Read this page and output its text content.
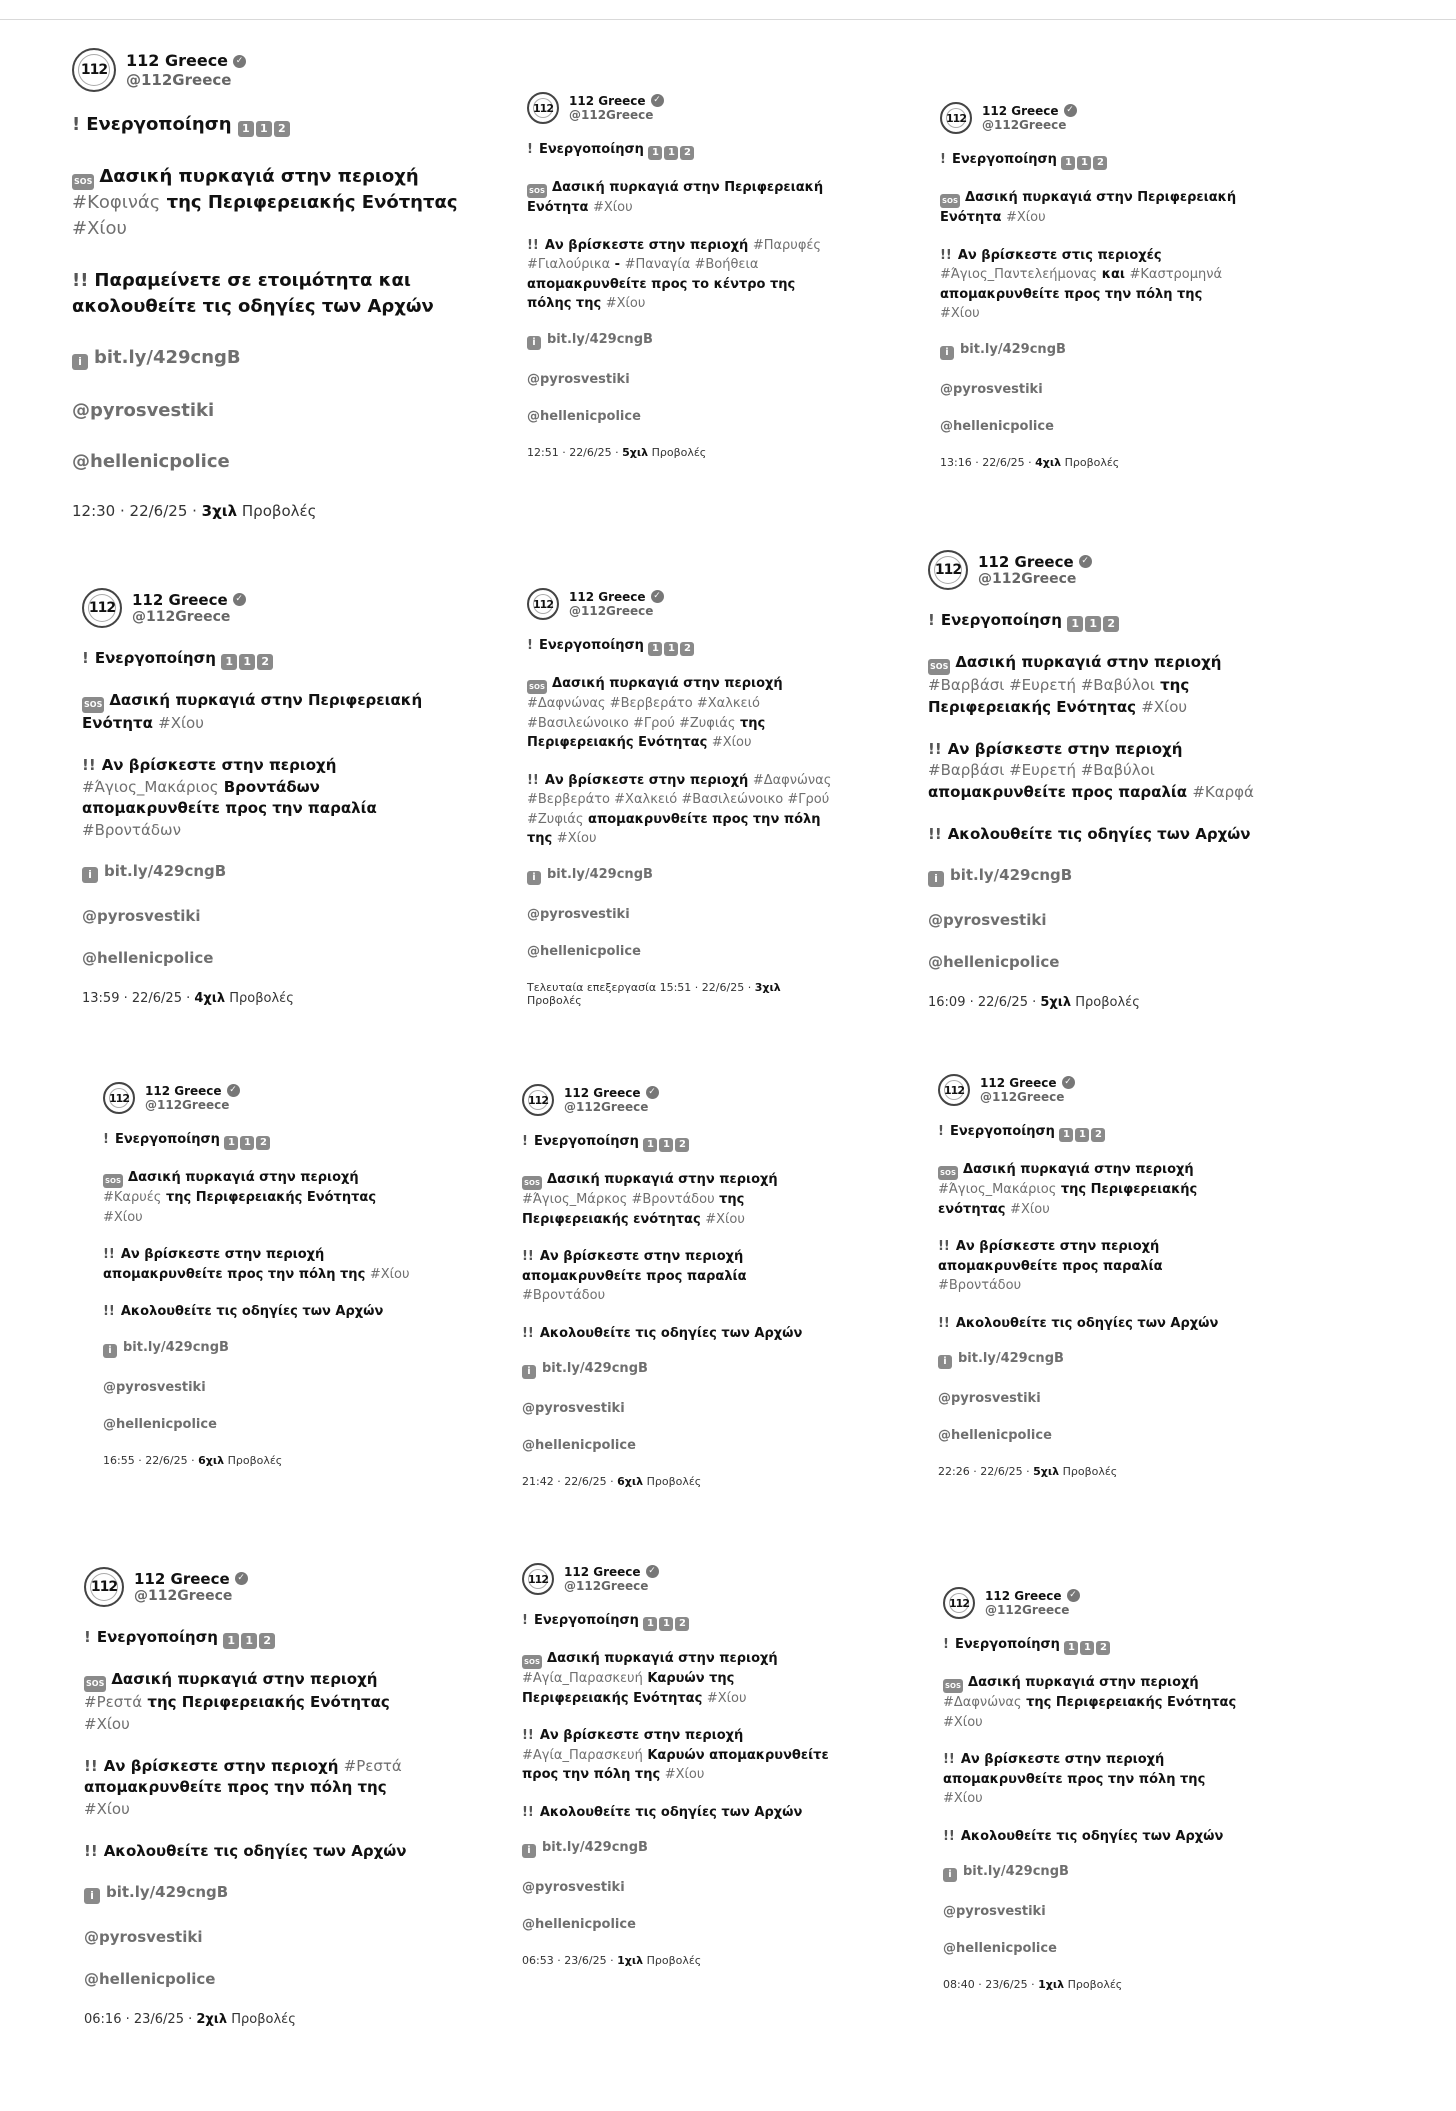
112	112 Greece ✓
@112Greece
! Ενεργοποίηση 1 1 2
SOS Δασική πυρκαγιά στην περιοχή #Κοφινάς της Περιφερειακής Ενότητας #Χίου
!! Παραμείνετε σε ετοιμότητα και ακολουθείτε τις οδηγίες των Αρχών
i bit.ly/429cngB
@pyrosvestiki
@hellenicpolice
12:30 · 22/6/25 · 3χιλ Προβολές
112
112 Greece ✓
@112Greece
! Ενεργοποίηση 1 1 2
SOS Δασική πυρκαγιά στην Περιφερειακή Ενότητα #Χίου
!! Αν βρίσκεστε στην περιοχή #Παρυφές #Γιαλούρικα - #Παναγία #Βοήθεια απομακρυνθείτε προς το κέντρο της πόλης της #Χίου
i bit.ly/429cngB
@pyrosvestiki
@hellenicpolice
12:51 · 22/6/25 · 5χιλ Προβολές
112
112 Greece ✓
@112Greece
! Ενεργοποίηση 1 1 2
SOS Δασική πυρκαγιά στην Περιφερειακή Ενότητα #Χίου
!! Αν βρίσκεστε στις περιοχές #Άγιος_Παντελεήμονας και #Καστρομηνά απομακρυνθείτε προς την πόλη της #Χίου
i bit.ly/429cngB
@pyrosvestiki
@hellenicpolice
13:16 · 22/6/25 · 4χιλ Προβολές
112	112 Greece ✓
@112Greece
! Ενεργοποίηση 1 1 2
SOS Δασική πυρκαγιά στην Περιφερειακή Ενότητα #Χίου
!! Αν βρίσκεστε στην περιοχή #Άγιος_Μακάριος Βροντάδων απομακρυνθείτε προς την παραλία #Βροντάδων
i bit.ly/429cngB
@pyrosvestiki
@hellenicpolice
13:59 · 22/6/25 · 4χιλ Προβολές
112
112 Greece ✓
@112Greece
! Ενεργοποίηση 1 1 2
SOS Δασική πυρκαγιά στην περιοχή #Δαφνώνας #Βερβεράτο #Χαλκειό #Βασιλεώνοικο #Γρού #Ζυφιάς της Περιφερειακής Ενότητας #Χίου
!! Αν βρίσκεστε στην περιοχή #Δαφνώνας #Βερβεράτο #Χαλκειό #Βασιλεώνοικο #Γρού #Ζυφιάς απομακρυνθείτε προς την πόλη της #Χίου
i bit.ly/429cngB
@pyrosvestiki
@hellenicpolice
Τελευταία επεξεργασία 15:51 · 22/6/25 · 3χιλ Προβολές
112	112 Greece ✓
@112Greece
! Ενεργοποίηση 1 1 2
SOS Δασική πυρκαγιά στην περιοχή #Βαρβάσι #Ευρετή #Βαβύλοι της Περιφερειακής Ενότητας #Χίου
!! Αν βρίσκεστε στην περιοχή #Βαρβάσι #Ευρετή #Βαβύλοι απομακρυνθείτε προς παραλία #Καρφά
!! Ακολουθείτε τις οδηγίες των Αρχών
i bit.ly/429cngB
@pyrosvestiki
@hellenicpolice
16:09 · 22/6/25 · 5χιλ Προβολές
112
112 Greece ✓
@112Greece
! Ενεργοποίηση 1 1 2
SOS Δασική πυρκαγιά στην περιοχή #Καρυές της Περιφερειακής Ενότητας #Χίου
!! Αν βρίσκεστε στην περιοχή απομακρυνθείτε προς την πόλη της #Χίου
!! Ακολουθείτε τις οδηγίες των Αρχών
i bit.ly/429cngB
@pyrosvestiki
@hellenicpolice
16:55 · 22/6/25 · 6χιλ Προβολές
112
112 Greece ✓
@112Greece
! Ενεργοποίηση 1 1 2
SOS Δασική πυρκαγιά στην περιοχή #Άγιος_Μάρκος #Βροντάδου της Περιφερειακής ενότητας #Χίου
!! Αν βρίσκεστε στην περιοχή απομακρυνθείτε προς παραλία #Βροντάδου
!! Ακολουθείτε τις οδηγίες των Αρχών
i bit.ly/429cngB
@pyrosvestiki
@hellenicpolice
21:42 · 22/6/25 · 6χιλ Προβολές
112
112 Greece ✓
@112Greece
! Ενεργοποίηση 1 1 2
SOS Δασική πυρκαγιά στην περιοχή #Άγιος_Μακάριος της Περιφερειακής ενότητας #Χίου
!! Αν βρίσκεστε στην περιοχή απομακρυνθείτε προς παραλία #Βροντάδου
!! Ακολουθείτε τις οδηγίες των Αρχών
i bit.ly/429cngB
@pyrosvestiki
@hellenicpolice
22:26 · 22/6/25 · 5χιλ Προβολές
112	112 Greece ✓
@112Greece
! Ενεργοποίηση 1 1 2
SOS Δασική πυρκαγιά στην περιοχή #Ρεστά της Περιφερειακής Ενότητας #Χίου
!! Αν βρίσκεστε στην περιοχή #Ρεστά απομακρυνθείτε προς την πόλη της #Χίου
!! Ακολουθείτε τις οδηγίες των Αρχών
i bit.ly/429cngB
@pyrosvestiki
@hellenicpolice
06:16 · 23/6/25 · 2χιλ Προβολές
112
112 Greece ✓
@112Greece
! Ενεργοποίηση 1 1 2
SOS Δασική πυρκαγιά στην περιοχή #Αγία_Παρασκευή Καρυών της Περιφερειακής Ενότητας #Χίου
!! Αν βρίσκεστε στην περιοχή #Αγία_Παρασκευή Καρυών απομακρυνθείτε προς την πόλη της #Χίου
!! Ακολουθείτε τις οδηγίες των Αρχών
i bit.ly/429cngB
@pyrosvestiki
@hellenicpolice
06:53 · 23/6/25 · 1χιλ Προβολές
112
112 Greece ✓
@112Greece
! Ενεργοποίηση 1 1 2
SOS Δασική πυρκαγιά στην περιοχή #Δαφνώνας της Περιφερειακής Ενότητας #Χίου
!! Αν βρίσκεστε στην περιοχή απομακρυνθείτε προς την πόλη της #Χίου
!! Ακολουθείτε τις οδηγίες των Αρχών
i bit.ly/429cngB
@pyrosvestiki
@hellenicpolice
08:40 · 23/6/25 · 1χιλ Προβολές
